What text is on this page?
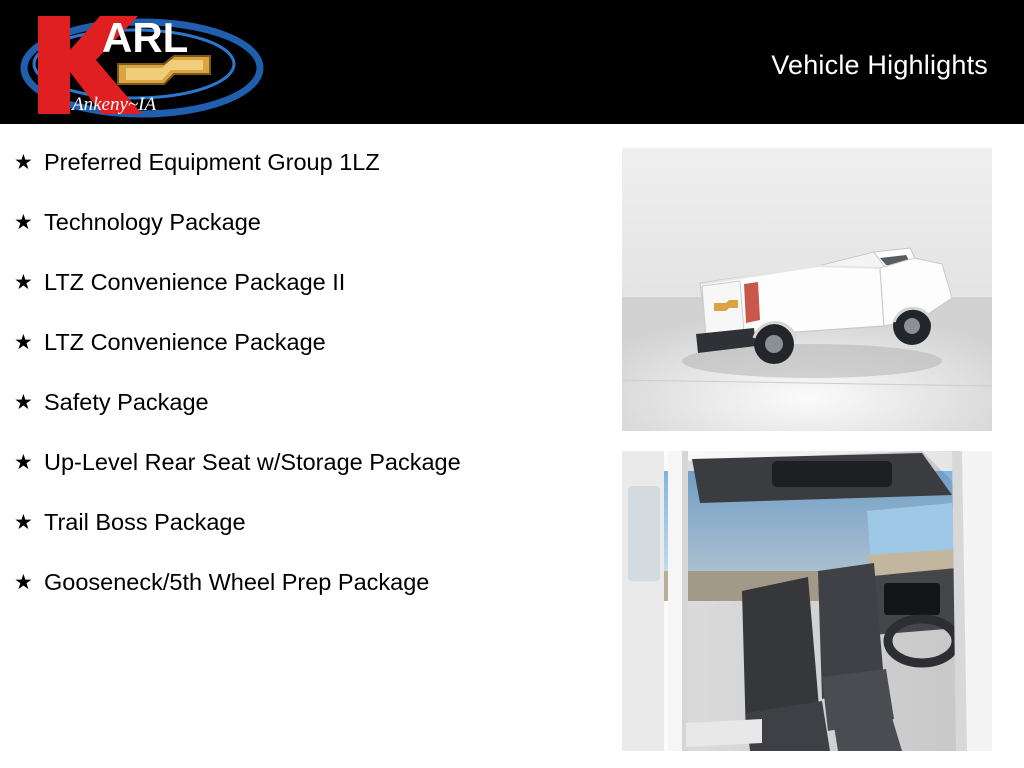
ARL
Ankeny~IA
Vehicle Highlights
★ Preferred Equipment Group 1LZ
★ Technology Package
★ LTZ Convenience Package II
★ LTZ Convenience Package
★ Safety Package
★ Up-Level Rear Seat w/Storage Package
★ Trail Boss Package
★ Gooseneck/5th Wheel Prep Package
